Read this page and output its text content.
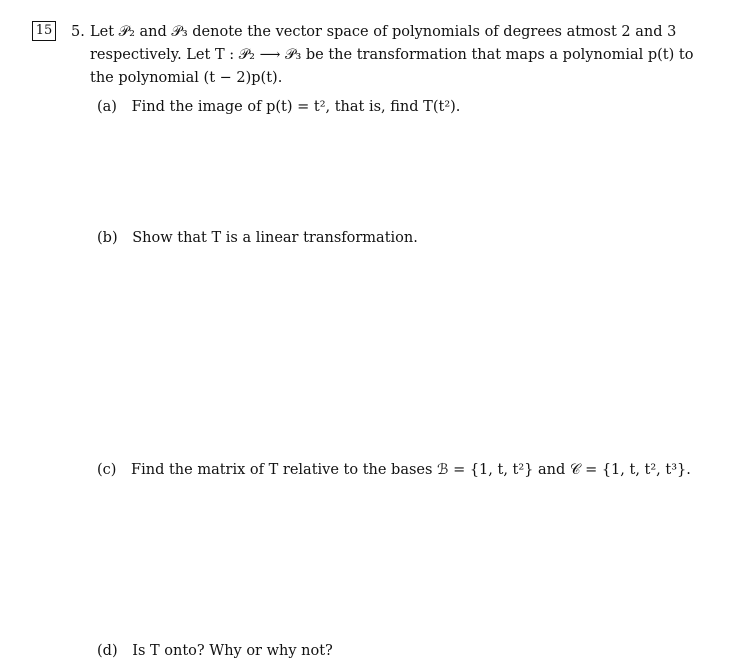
15 5. Let 𝒫₂ and 𝒫₃ denote the vector space of polynomials of degrees atmost 2 and 3
respectively. Let T : 𝒫₂ ⟶ 𝒫₃ be the transformation that maps a polynomial p(t) to
the polynomial (t − 2)p(t).
(a) Find the image of p(t) = t², that is, find T(t²).
(b) Show that T is a linear transformation.
(c) Find the matrix of T relative to the bases ℬ = {1, t, t²} and 𝒞 = {1, t, t², t³}.
(d) Is T onto? Why or why not?
